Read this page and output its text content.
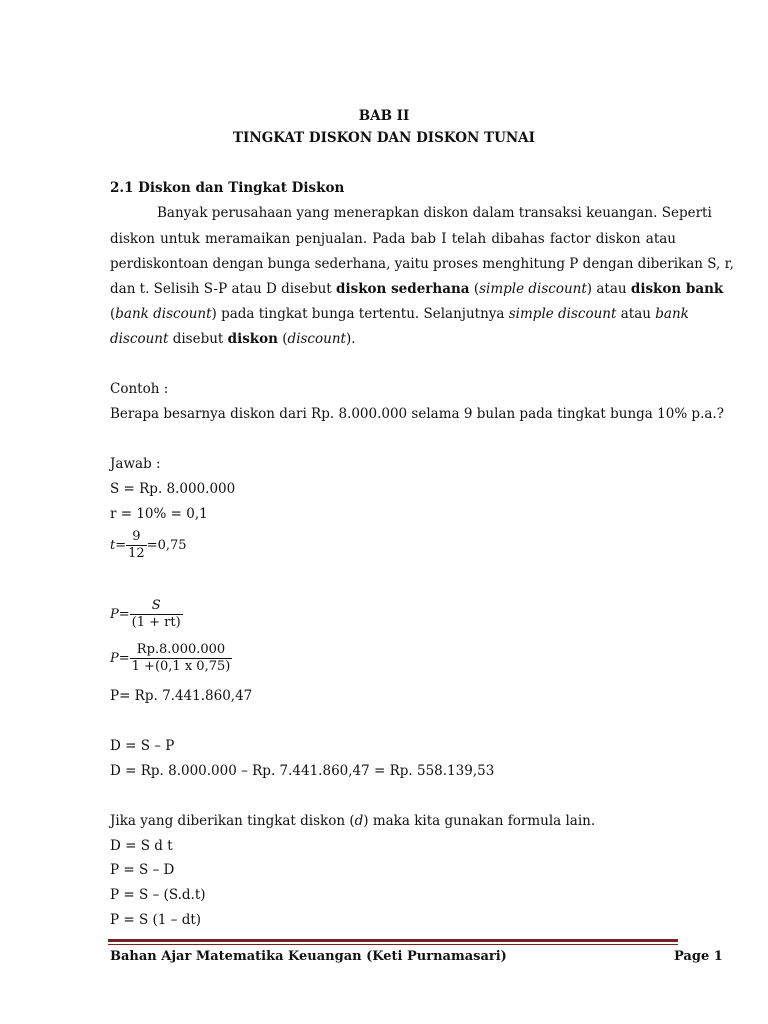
BAB II
TINGKAT DISKON DAN DISKON TUNAI
2.1 Diskon dan Tingkat Diskon
Banyak perusahaan yang menerapkan diskon dalam transaksi keuangan. Seperti
diskon untuk meramaikan penjualan. Pada bab I telah dibahas factor diskon atau
perdiskontoan dengan bunga sederhana, yaitu proses menghitung P dengan diberikan S, r,
dan t. Selisih S-P atau D disebut diskon sederhana (simple discount) atau diskon bank
(bank discount) pada tingkat bunga tertentu. Selanjutnya simple discount atau bank
discount disebut diskon (discount).
Contoh :
Berapa besarnya diskon dari Rp. 8.000.000 selama 9 bulan pada tingkat bunga 10% p.a.?
Jawab :
S = Rp. 8.000.000
r = 10% = 0,1
$t= \frac{9}{12} =0,75$
$P= \frac{S}{(1 + rt)}$
$P= \frac{Rp.8.000.000}{1 +(0,1 x 0,75)}$
P= Rp. 7.441.860,47
D = S – P
D = Rp. 8.000.000 – Rp. 7.441.860,47 = Rp. 558.139,53
Jika yang diberikan tingkat diskon (d) maka kita gunakan formula lain.
D = S d t
P = S – D
P = S – (S.d.t)
P = S (1 – dt)
Bahan Ajar Matematika Keuangan (Keti Purnamasari)	Page 1
